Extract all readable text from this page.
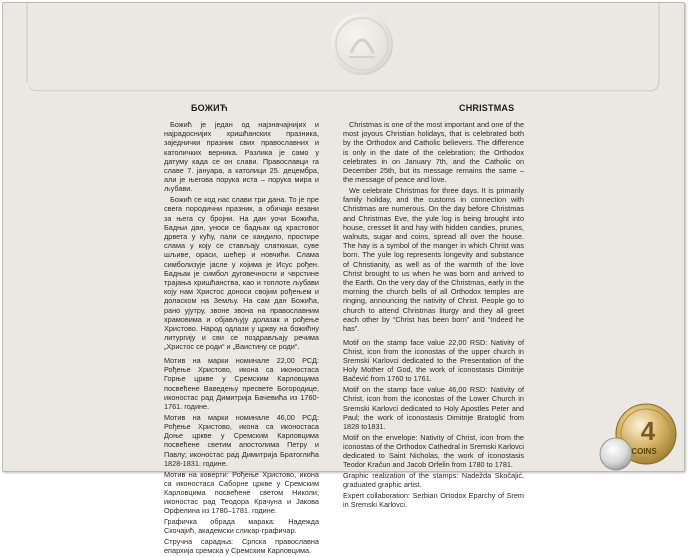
БОЖИЋ	CHRISTMAS

Божић је један од најзначајнијих и најрадоснијих хришћанских празника, заједнички празник свих православних и католичких верника. Разлика је само у датуму када се он слави. Православци га славе 7. јануара, а католици 25. децембра, али је његова порука иста – порука мира и љубави.

Божић се код нас слави три дана. То је пре свега породични празник, а обичаји везани за њега су бројни. На дан уочи Божића, Бадњи дан, уноси се бадњак од храстовог дрвета у кућу, пали се кандило, простире слама у коју се стављају слаткиши, суве шљиве, ораси, шећер и новчићи. Слама симболизује јасле у којима је Исус рођен. Бадњак је симбол дуговечности и чврстине трајања хришћанства, као и топлоте љубави коју нам Христос доноси својим рођењем и доласком на Земљу. На сам дан Божића, рано ујутру, звоне звона на православним храмовима и објављују долазак и рођење Христово. Народ одлази у цркву на божићну литургију и сви се поздрављају речима „Христос се роди“ и „Ваистину се роди“.

Мотив на марки номинале 22,00 РСД: Рођење Христово, икона са иконостаса Горње цркве у Сремским Карловцима посвећене Ваведењу пресвете Богородице, иконостас рад Димитрија Бачевића из 1760-1761. године.

Мотив на марки номинале 46,00 РСД: Рођење Христово, икона са иконостаса Доње цркве у Сремским Карловцима посвећене светим апостолима Петру и Павлу; иконостас рад Димитрија Братоглића 1828-1831. године.

Мотив на коверти: Рођење Христово, икона са иконостаса Саборне цркве у Сремским Карловцима посвећене светом Николи; иконостас рад Теодора Крачуна и Јакова Орфелина из 1780–1781. године.

Графичка обрада марака: Надежда Скочајић, академски сликар-графичар.

Стручна сарадња: Српска православна епархија сремска у Сремским Карловцима.

Christmas is one of the most important and one of the most joyous Christian holidays, that is celebrated both by the Orthodox and Catholic believers. The difference is only in the date of the celebration; the Orthodox celebrates in on January 7th, and the Catholic on December 25th, but its message remains the same – the message of peace and love.

We celebrate Christmas for three days. It is primarily family holiday, and the customs in connection with Christmas are numerous. On the day before Christmas and Christmas Eve, the yule log is being brought into house, cresset lit and hay with hidden candies, prunes, walnuts, sugar and coins, spread all over the house. The hay is a symbol of the manger in which Christ was born. The yule log represents longevity and substance of Christianity, as well as of the warmth of the love Christ brought to us when he was born and arrived to the Earth. On the very day of the Christmas, early in the morning the church bells of all Orthodox temples are ringing, announcing the nativity of Christ. People go to church to attend Christmas liturgy and they all greet each other by “Christ has been born” and “Indeed he has”.

Motif on the stamp face value 22,00 RSD: Nativity of Christ, icon from the iconostas of the upper church in Sremski Karlovci dedicated to the Presentation of the Holy Mother of God, the work of iconostasis Dimitrije Bačević from 1760 to 1761.

Motif on the stamp face value 46,00 RSD: Nativity of Christ, icon from the iconostas of the Lower Church in Sremski Karlovci dedicated to Holy Apostles Peter and Paul; the work of iconostasis Dimitrije Bratoglić from 1828 to1831.

Motif on the envelope: Nativity of Christ, icon from the iconostas of the Orthodox Cathedral in Sremski Karlovci dedicated to Saint Nicholas, the work of iconostasis Teodor Kračun and Jacob Orfelin from 1780 to 1781.

Graphic realization of the stamps: Nadežda Skočajić, graduated graphic artist.

Expert collaboration: Serbian Ortodox Eparchy of Srem in Sremski Karlovci.

4
COINS
